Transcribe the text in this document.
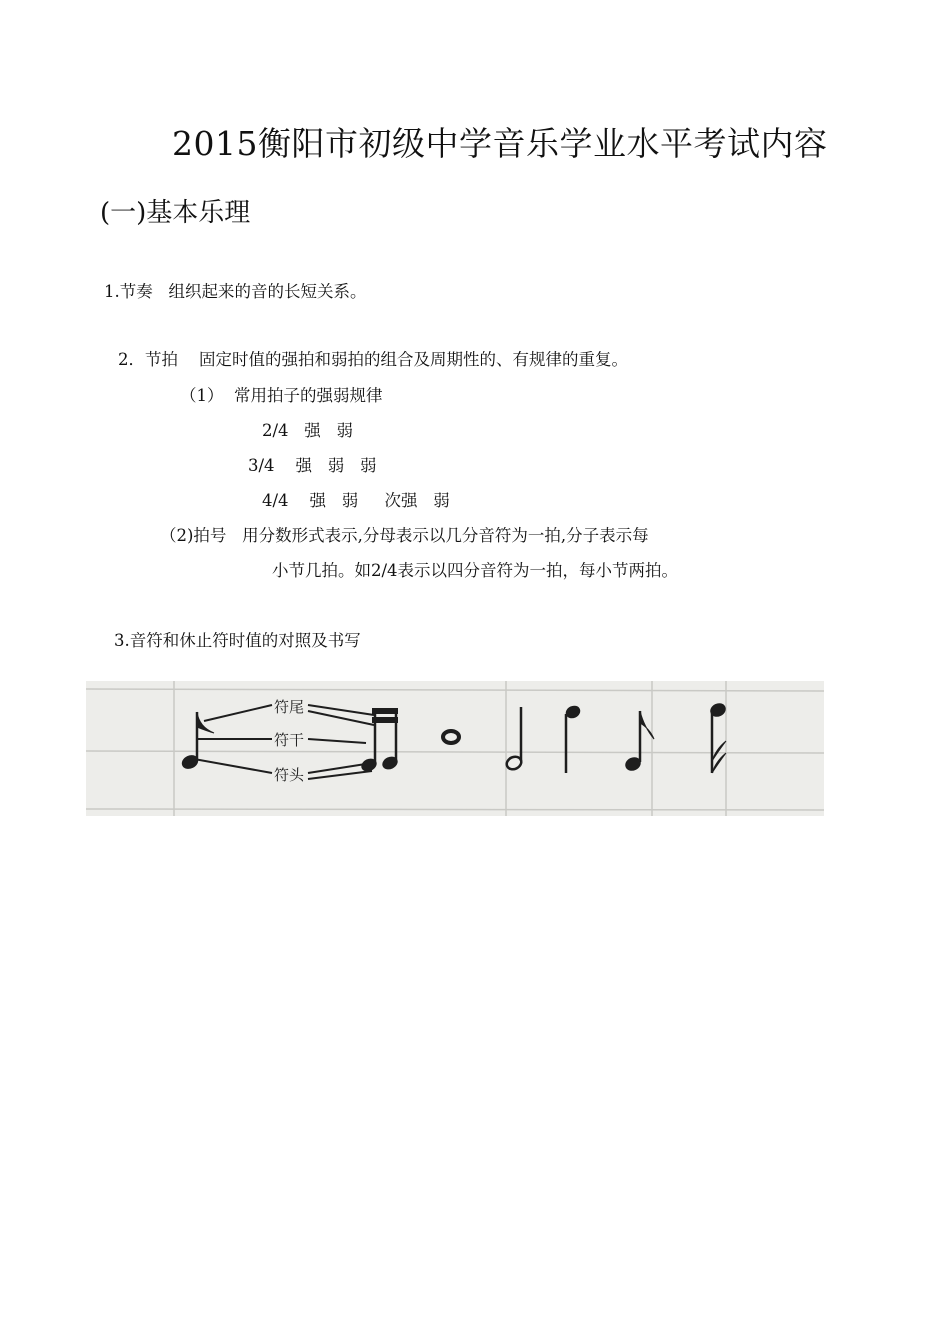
2015衡阳市初级中学音乐学业水平考试内容
(一)基本乐理
1.节奏   组织起来的音的长短关系。
2．节拍    固定时值的强拍和弱拍的组合及周期性的、有规律的重复。
（1）  常用拍子的强弱规律
2/4   强   弱
3/4    强   弱   弱
4/4    强   弱     次强   弱
（2)拍号   用分数形式表示,分母表示以几分音符为一拍,分子表示每
小节几拍。如2/4表示以四分音符为一拍，每小节两拍。
3.音符和休止符时值的对照及书写
符尾
符干
符头
